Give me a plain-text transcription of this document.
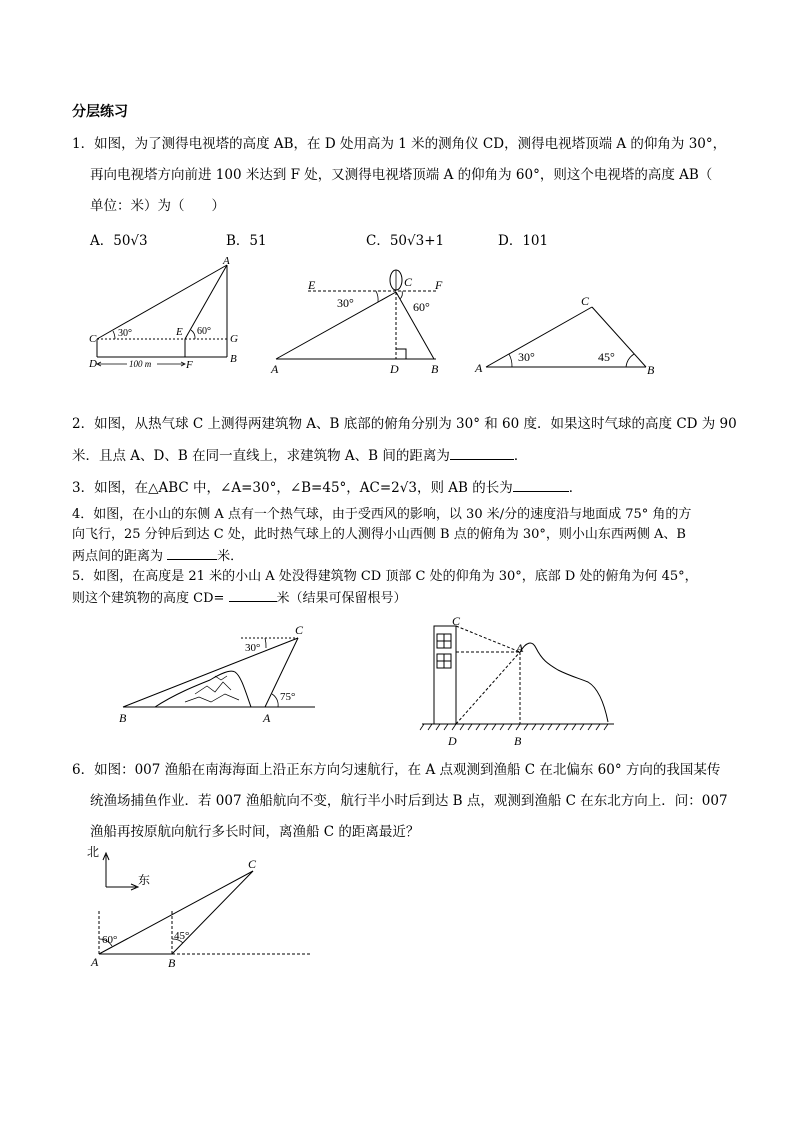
分层练习
1．如图，为了测得电视塔的高度 AB，在 D 处用高为 1 米的测角仪 CD，测得电视塔顶端 A 的仰角为 30°，
再向电视塔方向前进 100 米达到 F 处，又测得电视塔顶端 A 的仰角为 60°，则这个电视塔的高度 AB（
单位：米）为（　　）
A．50√3	B．51	C．50√3+1	D．101
A
C
E
G
D	F	B
30°	60°
100 m
E	C F
A	D	B
30°	60°	C
A	B
30°	45°
2．如图，从热气球 C 上测得两建筑物 A、B 底部的俯角分别为 30° 和 60 度．如果这时气球的高度 CD 为 90
米．且点 A、D、B 在同一直线上，求建筑物 A、B 间的距离为	．
3．如图，在△ABC 中，∠A=30°，∠B=45°，AC=2√3，则 AB 的长为	．
4．如图，在小山的东侧 A 点有一个热气球，由于受西风的影响，以 30 米/分的速度沿与地面成 75° 角的方
向飞行，25 分钟后到达 C 处，此时热气球上的人测得小山西侧 B 点的俯角为 30°，则小山东西两侧 A、B
两点间的距离为	米．
5．如图，在高度是 21 米的小山 A 处没得建筑物 CD 顶部 C 处的仰角为 30°，底部 D 处的俯角为何 45°，
则这个建筑物的高度 CD=	米（结果可保留根号）
C
B	A
30°
75°
C
A
D	B
6．如图：007 渔船在南海海面上沿正东方向匀速航行，在 A 点观测到渔船 C 在北偏东 60° 方向的我国某传
统渔场捕鱼作业．若 007 渔船航向不变，航行半小时后到达 B 点，观测到渔船 C 在东北方向上．问：007
渔船再按原航向航行多长时间，离渔船 C 的距离最近？
北
东
C
A	B
60°	45°
